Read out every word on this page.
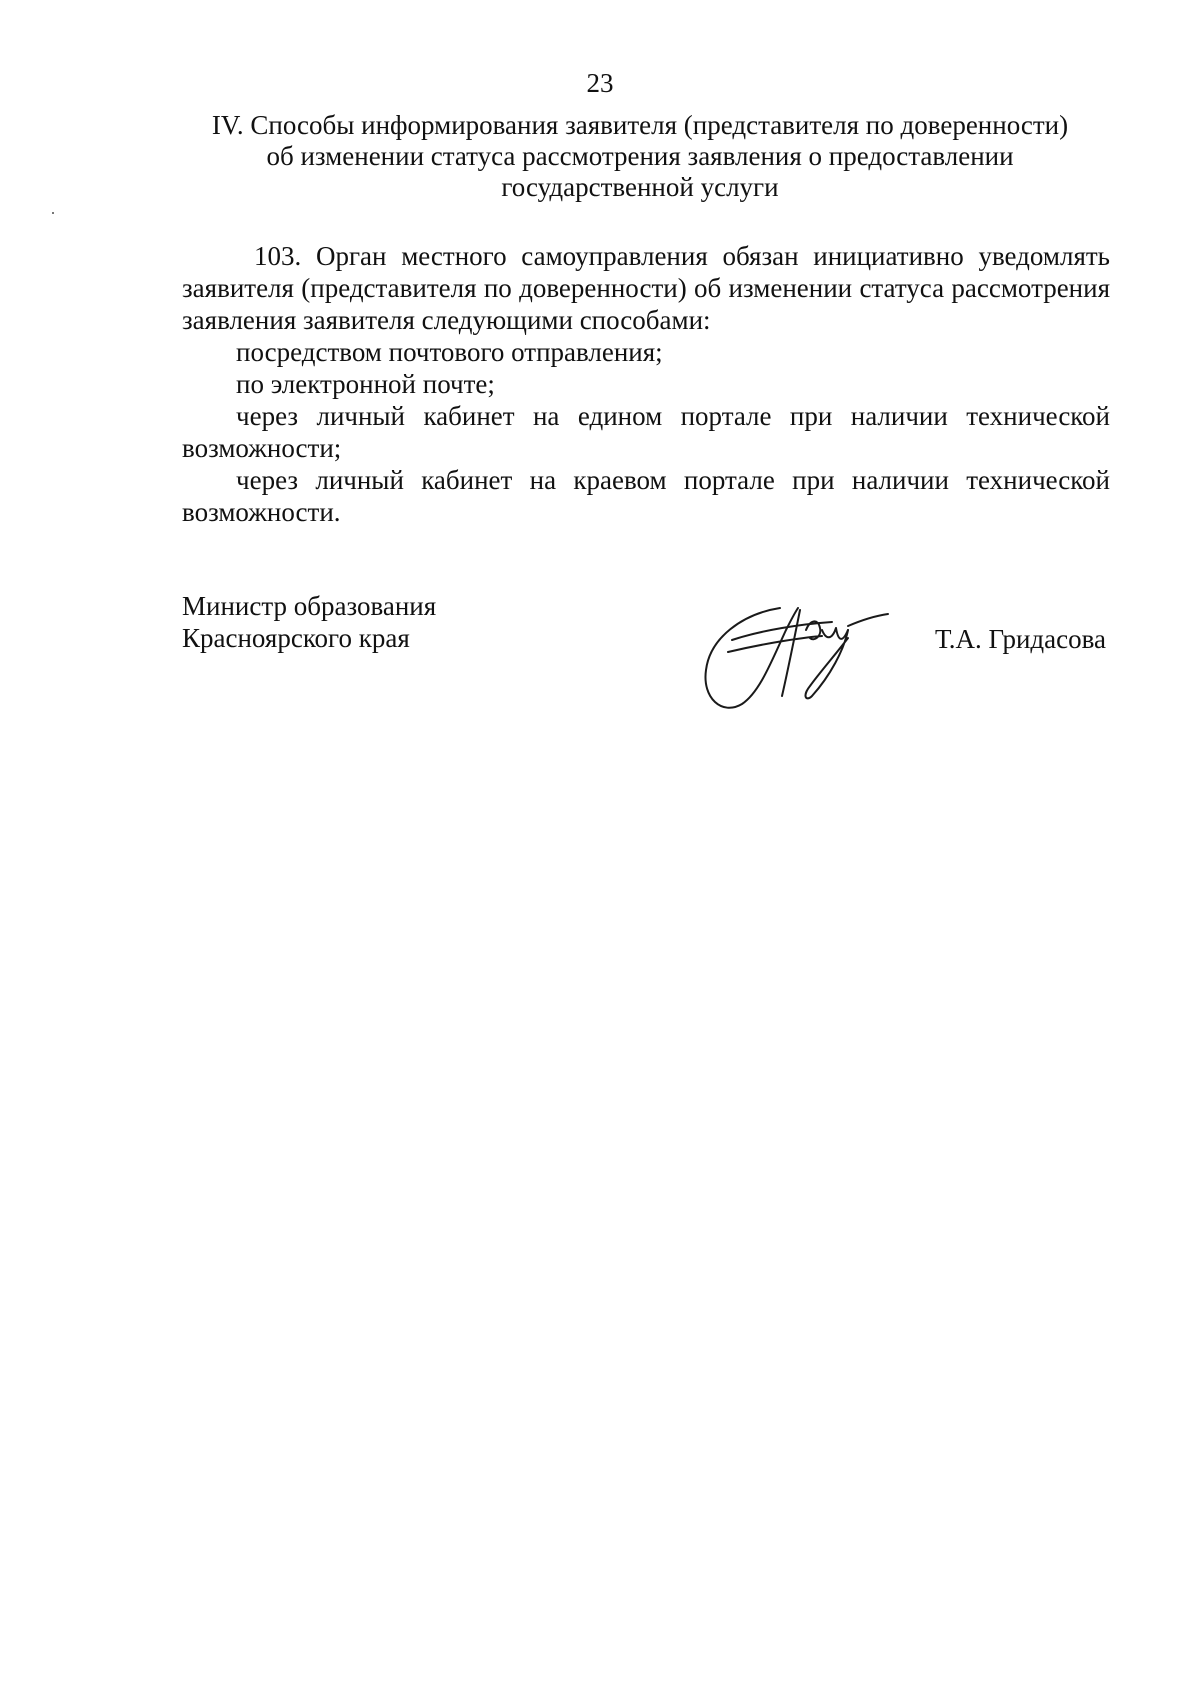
23
IV. Способы информирования заявителя (представителя по доверенности)
об изменении статуса рассмотрения заявления о предоставлении
государственной услуги

103. Орган местного самоуправления обязан инициативно уведомлять заявителя (представителя по доверенности) об изменении статуса рассмотрения заявления заявителя следующими способами:

посредством почтового отправления;

по электронной почте;

через личный кабинет на едином портале при наличии технической возможности;

через личный кабинет на краевом портале при наличии технической возможности.

Министр образования
Красноярского края	Т.А. Гридасова
